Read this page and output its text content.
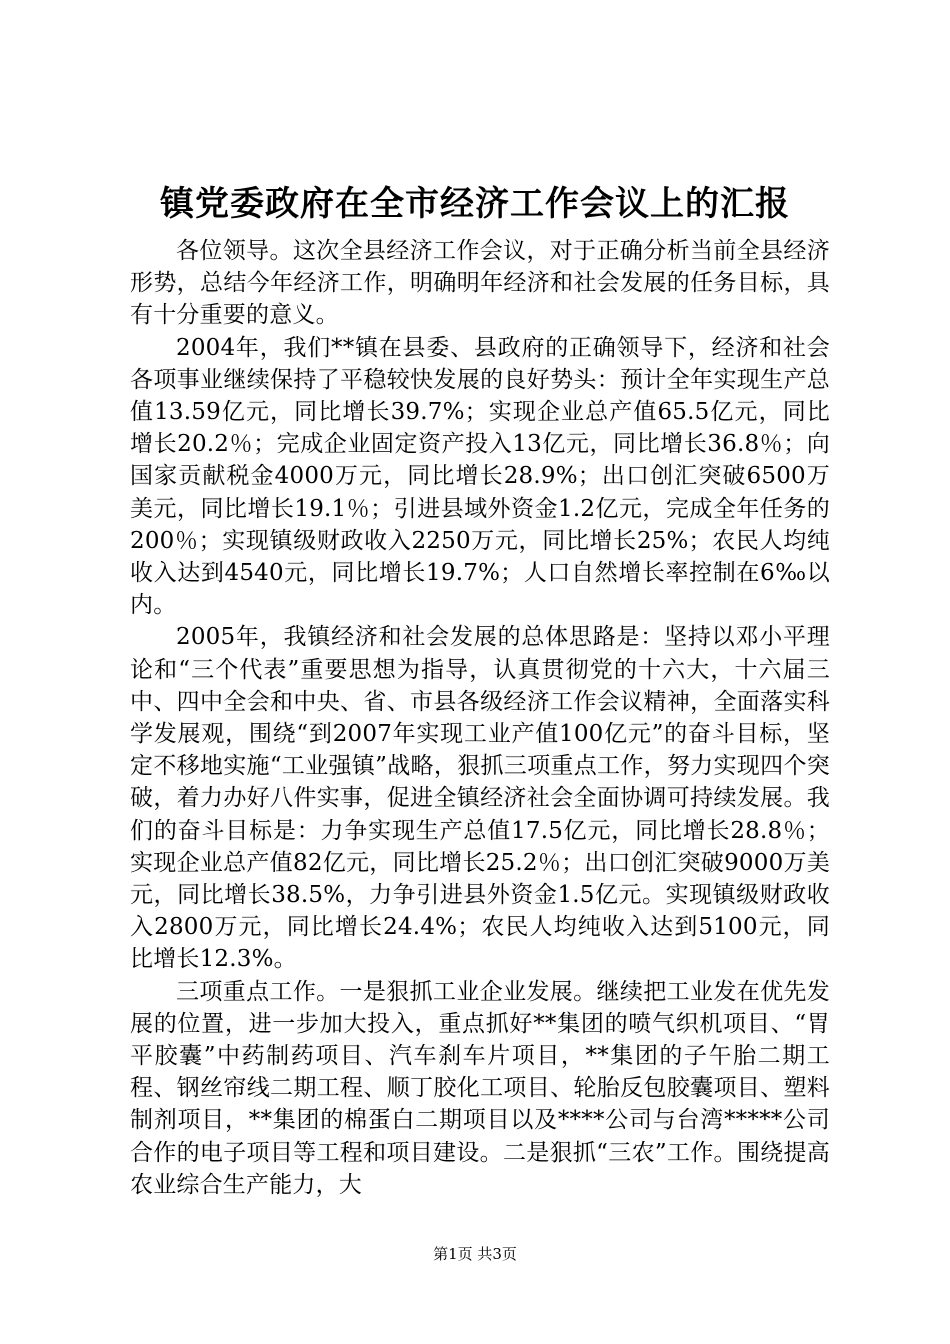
镇党委政府在全市经济工作会议上的汇报

各位领导。这次全县经济工作会议，对于正确分析当前全县经济形势，总结今年经济工作，明确明年经济和社会发展的任务目标，具有十分重要的意义。

2004年，我们**镇在县委、县政府的正确领导下，经济和社会各项事业继续保持了平稳较快发展的良好势头：预计全年实现生产总值13.59亿元，同比增长39.7%；实现企业总产值65.5亿元，同比增长20.2％；完成企业固定资产投入13亿元，同比增长36.8％；向国家贡献税金4000万元，同比增长28.9%；出口创汇突破6500万美元，同比增长19.1％；引进县域外资金1.2亿元，完成全年任务的200％；实现镇级财政收入2250万元，同比增长25%；农民人均纯收入达到4540元，同比增长19.7%；人口自然增长率控制在6‰以内。

2005年，我镇经济和社会发展的总体思路是：坚持以邓小平理论和“三个代表”重要思想为指导，认真贯彻党的十六大，十六届三中、四中全会和中央、省、市县各级经济工作会议精神，全面落实科学发展观，围绕“到2007年实现工业产值100亿元”的奋斗目标，坚定不移地实施“工业强镇”战略，狠抓三项重点工作，努力实现四个突破，着力办好八件实事，促进全镇经济社会全面协调可持续发展。我们的奋斗目标是：力争实现生产总值17.5亿元，同比增长28.8％；实现企业总产值82亿元，同比增长25.2％；出口创汇突破9000万美元，同比增长38.5%，力争引进县外资金1.5亿元。实现镇级财政收入2800万元，同比增长24.4%；农民人均纯收入达到5100元，同比增长12.3%。

三项重点工作。一是狠抓工业企业发展。继续把工业发在优先发展的位置，进一步加大投入，重点抓好**集团的喷气织机项目、“胃平胶囊”中药制药项目、汽车刹车片项目，**集团的子午胎二期工程、钢丝帘线二期工程、顺丁胶化工项目、轮胎反包胶囊项目、塑料制剂项目，**集团的棉蛋白二期项目以及****公司与台湾*****公司合作的电子项目等工程和项目建设。二是狠抓“三农”工作。围绕提高农业综合生产能力，大

第1页 共3页
